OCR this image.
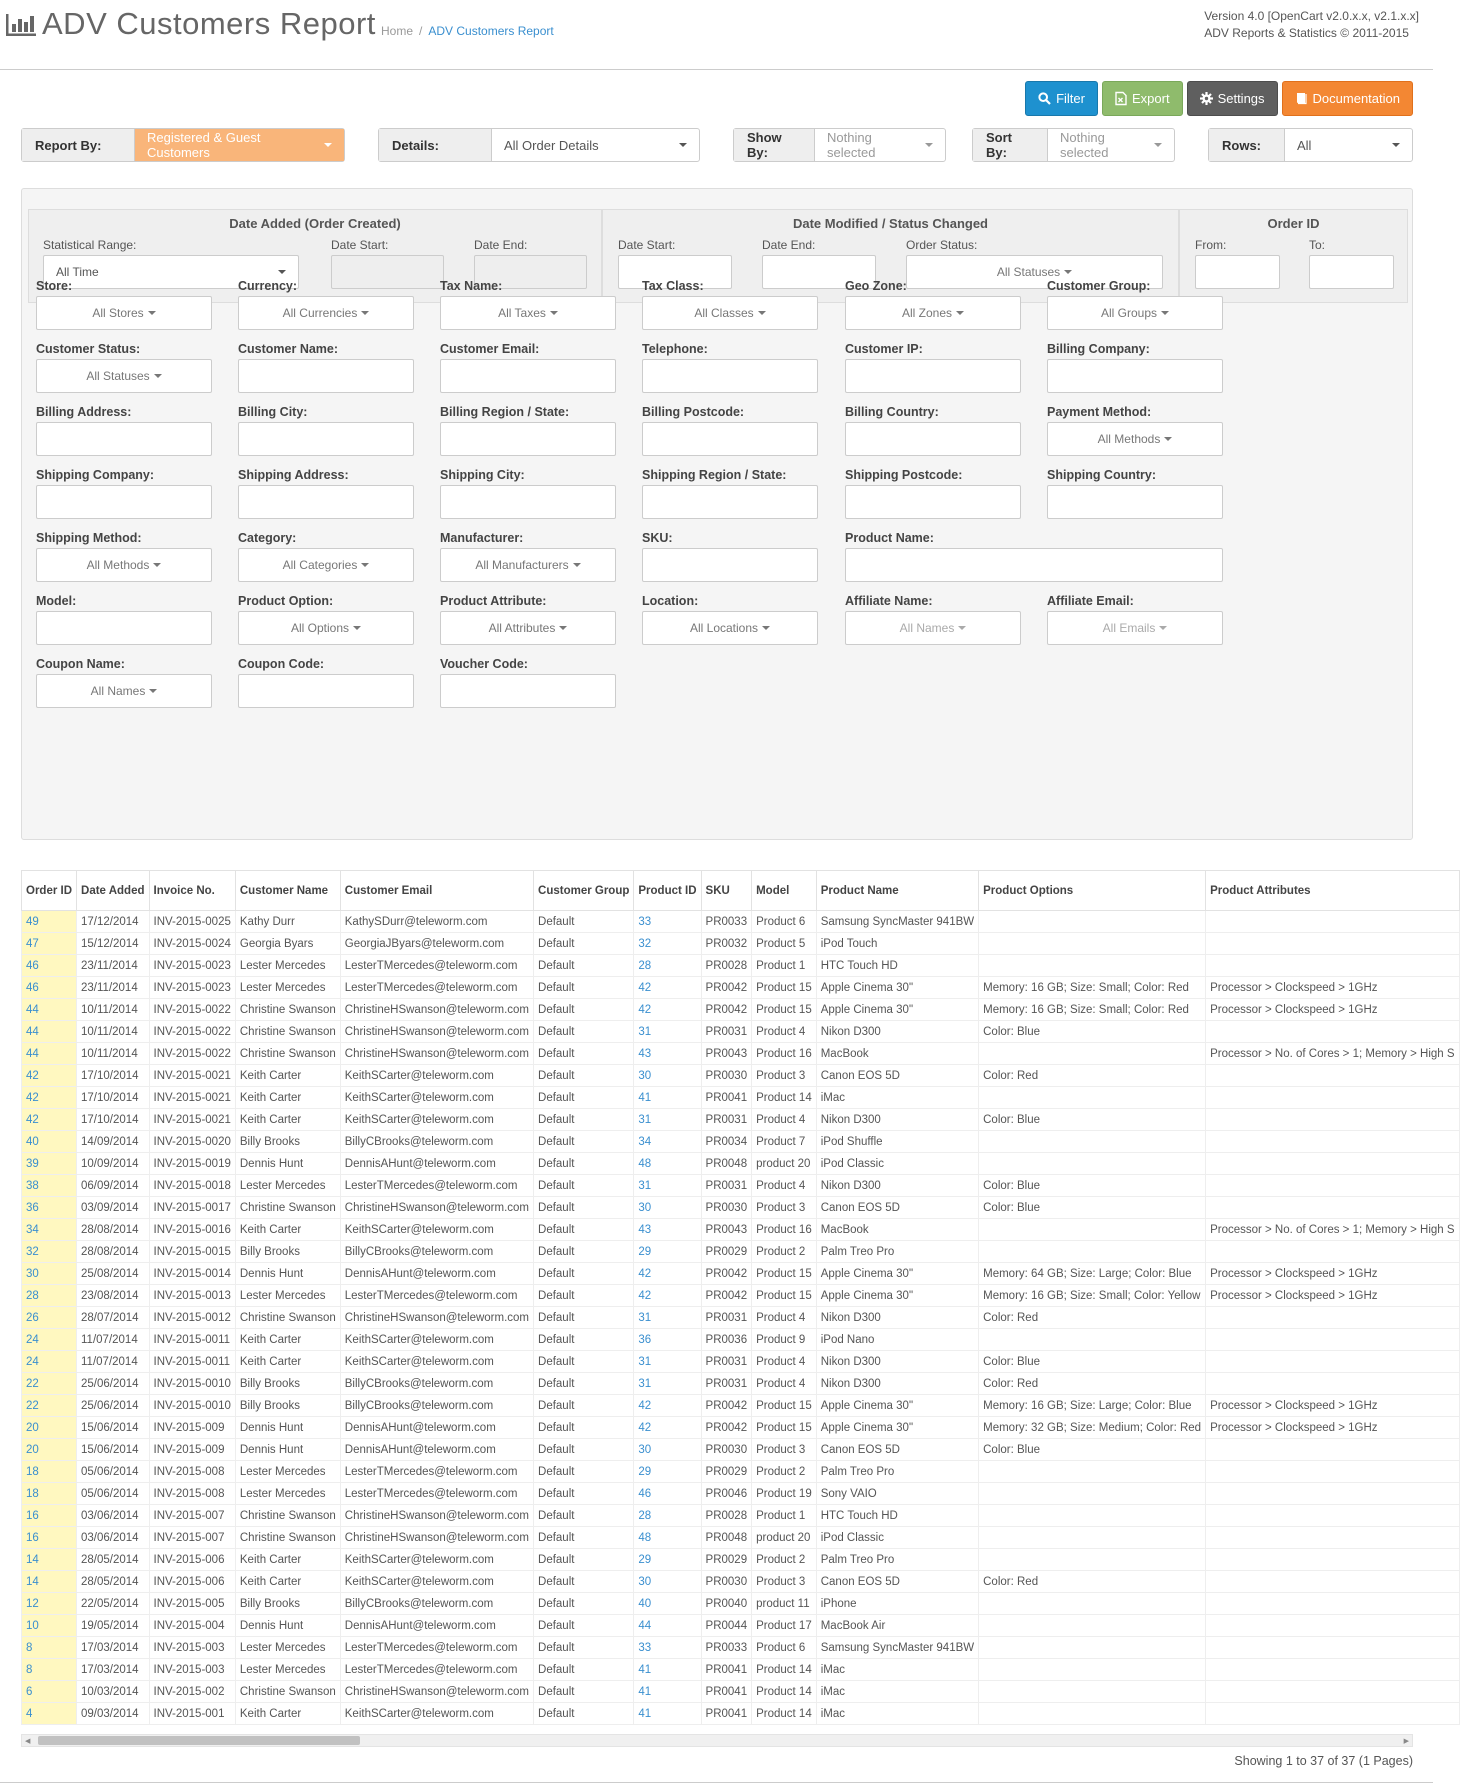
ADV Customers Report Home / ADV Customers Report
Version 4.0 [OpenCart v2.0.x.x, v2.1.x.x]
ADV Reports & Statistics © 2011-2015
Filter	Export	Settings	Documentation
Report By:	Registered & Guest Customers	Details:	All Order Details	Show By:
Nothing selected
Sort By:
Nothing selected	Rows:	All
Date Added (Order Created)
Statistical Range:
All Time
Date Start:	Date End:
Date Modified / Status Changed
Date Start:	Date End:	Order Status:
All Statuses
Order ID
From:	To:
Store:
All Stores
Currency:
All Currencies
Tax Name:
All Taxes
Tax Class:
All Classes
Geo Zone:
All Zones
Customer Group:
All Groups
Customer Status:
All Statuses
Customer Name:	Customer Email:	Telephone:	Customer IP:	Billing Company:
Billing Address:	Billing City:	Billing Region / State:	Billing Postcode:	Billing Country:	Payment Method:
All Methods
Shipping Company:	Shipping Address:	Shipping City:	Shipping Region / State:	Shipping Postcode:	Shipping Country:
Shipping Method:
All Methods
Category:
All Categories
Manufacturer:
All Manufacturers
SKU:	Product Name:
Model:	Product Option:
All Options
Product Attribute:
All Attributes
Location:
All Locations
Affiliate Name:
All Names
Affiliate Email:
All Emails
Coupon Name:
All Names
Coupon Code:	Voucher Code:
Order ID	Date Added	Invoice No.	Customer Name	Customer Email	Customer Group	Product ID	SKU	Model	Product Name	Product Options	Product Attributes
49	17/12/2014	INV-2015-0025	Kathy Durr	KathySDurr@teleworm.com	Default	33	PR0033	Product 6	Samsung SyncMaster 941BW		
47	15/12/2014	INV-2015-0024	Georgia Byars	GeorgiaJByars@teleworm.com	Default	32	PR0032	Product 5	iPod Touch		
46	23/11/2014	INV-2015-0023	Lester Mercedes	LesterTMercedes@teleworm.com	Default	28	PR0028	Product 1	HTC Touch HD		
46	23/11/2014	INV-2015-0023	Lester Mercedes	LesterTMercedes@teleworm.com	Default	42	PR0042	Product 15	Apple Cinema 30"	Memory: 16 GB; Size: Small; Color: Red	Processor > Clockspeed > 1GHz
44	10/11/2014	INV-2015-0022	Christine Swanson	ChristineHSwanson@teleworm.com	Default	42	PR0042	Product 15	Apple Cinema 30"	Memory: 16 GB; Size: Small; Color: Red	Processor > Clockspeed > 1GHz
44	10/11/2014	INV-2015-0022	Christine Swanson	ChristineHSwanson@teleworm.com	Default	31	PR0031	Product 4	Nikon D300	Color: Blue	
44	10/11/2014	INV-2015-0022	Christine Swanson	ChristineHSwanson@teleworm.com	Default	43	PR0043	Product 16	MacBook		Processor > No. of Cores > 1; Memory > High S
42	17/10/2014	INV-2015-0021	Keith Carter	KeithSCarter@teleworm.com	Default	30	PR0030	Product 3	Canon EOS 5D	Color: Red	
42	17/10/2014	INV-2015-0021	Keith Carter	KeithSCarter@teleworm.com	Default	41	PR0041	Product 14	iMac		
42	17/10/2014	INV-2015-0021	Keith Carter	KeithSCarter@teleworm.com	Default	31	PR0031	Product 4	Nikon D300	Color: Blue	
40	14/09/2014	INV-2015-0020	Billy Brooks	BillyCBrooks@teleworm.com	Default	34	PR0034	Product 7	iPod Shuffle		
39	10/09/2014	INV-2015-0019	Dennis Hunt	DennisAHunt@teleworm.com	Default	48	PR0048	product 20	iPod Classic		
38	06/09/2014	INV-2015-0018	Lester Mercedes	LesterTMercedes@teleworm.com	Default	31	PR0031	Product 4	Nikon D300	Color: Blue	
36	03/09/2014	INV-2015-0017	Christine Swanson	ChristineHSwanson@teleworm.com	Default	30	PR0030	Product 3	Canon EOS 5D	Color: Blue	
34	28/08/2014	INV-2015-0016	Keith Carter	KeithSCarter@teleworm.com	Default	43	PR0043	Product 16	MacBook		Processor > No. of Cores > 1; Memory > High S
32	28/08/2014	INV-2015-0015	Billy Brooks	BillyCBrooks@teleworm.com	Default	29	PR0029	Product 2	Palm Treo Pro		
30	25/08/2014	INV-2015-0014	Dennis Hunt	DennisAHunt@teleworm.com	Default	42	PR0042	Product 15	Apple Cinema 30"	Memory: 64 GB; Size: Large; Color: Blue	Processor > Clockspeed > 1GHz
28	23/08/2014	INV-2015-0013	Lester Mercedes	LesterTMercedes@teleworm.com	Default	42	PR0042	Product 15	Apple Cinema 30"	Memory: 16 GB; Size: Small; Color: Yellow	Processor > Clockspeed > 1GHz
26	28/07/2014	INV-2015-0012	Christine Swanson	ChristineHSwanson@teleworm.com	Default	31	PR0031	Product 4	Nikon D300	Color: Red	
24	11/07/2014	INV-2015-0011	Keith Carter	KeithSCarter@teleworm.com	Default	36	PR0036	Product 9	iPod Nano		
24	11/07/2014	INV-2015-0011	Keith Carter	KeithSCarter@teleworm.com	Default	31	PR0031	Product 4	Nikon D300	Color: Blue	
22	25/06/2014	INV-2015-0010	Billy Brooks	BillyCBrooks@teleworm.com	Default	31	PR0031	Product 4	Nikon D300	Color: Red	
22	25/06/2014	INV-2015-0010	Billy Brooks	BillyCBrooks@teleworm.com	Default	42	PR0042	Product 15	Apple Cinema 30"	Memory: 16 GB; Size: Large; Color: Blue	Processor > Clockspeed > 1GHz
20	15/06/2014	INV-2015-009	Dennis Hunt	DennisAHunt@teleworm.com	Default	42	PR0042	Product 15	Apple Cinema 30"	Memory: 32 GB; Size: Medium; Color: Red	Processor > Clockspeed > 1GHz
20	15/06/2014	INV-2015-009	Dennis Hunt	DennisAHunt@teleworm.com	Default	30	PR0030	Product 3	Canon EOS 5D	Color: Blue	
18	05/06/2014	INV-2015-008	Lester Mercedes	LesterTMercedes@teleworm.com	Default	29	PR0029	Product 2	Palm Treo Pro		
18	05/06/2014	INV-2015-008	Lester Mercedes	LesterTMercedes@teleworm.com	Default	46	PR0046	Product 19	Sony VAIO		
16	03/06/2014	INV-2015-007	Christine Swanson	ChristineHSwanson@teleworm.com	Default	28	PR0028	Product 1	HTC Touch HD		
16	03/06/2014	INV-2015-007	Christine Swanson	ChristineHSwanson@teleworm.com	Default	48	PR0048	product 20	iPod Classic		
14	28/05/2014	INV-2015-006	Keith Carter	KeithSCarter@teleworm.com	Default	29	PR0029	Product 2	Palm Treo Pro		
14	28/05/2014	INV-2015-006	Keith Carter	KeithSCarter@teleworm.com	Default	30	PR0030	Product 3	Canon EOS 5D	Color: Red	
12	22/05/2014	INV-2015-005	Billy Brooks	BillyCBrooks@teleworm.com	Default	40	PR0040	product 11	iPhone		
10	19/05/2014	INV-2015-004	Dennis Hunt	DennisAHunt@teleworm.com	Default	44	PR0044	Product 17	MacBook Air		
8	17/03/2014	INV-2015-003	Lester Mercedes	LesterTMercedes@teleworm.com	Default	33	PR0033	Product 6	Samsung SyncMaster 941BW		
8	17/03/2014	INV-2015-003	Lester Mercedes	LesterTMercedes@teleworm.com	Default	41	PR0041	Product 14	iMac		
6	10/03/2014	INV-2015-002	Christine Swanson	ChristineHSwanson@teleworm.com	Default	41	PR0041	Product 14	iMac		
4	09/03/2014	INV-2015-001	Keith Carter	KeithSCarter@teleworm.com	Default	41	PR0041	Product 14	iMac		
◀	▶
Showing 1 to 37 of 37 (1 Pages)
